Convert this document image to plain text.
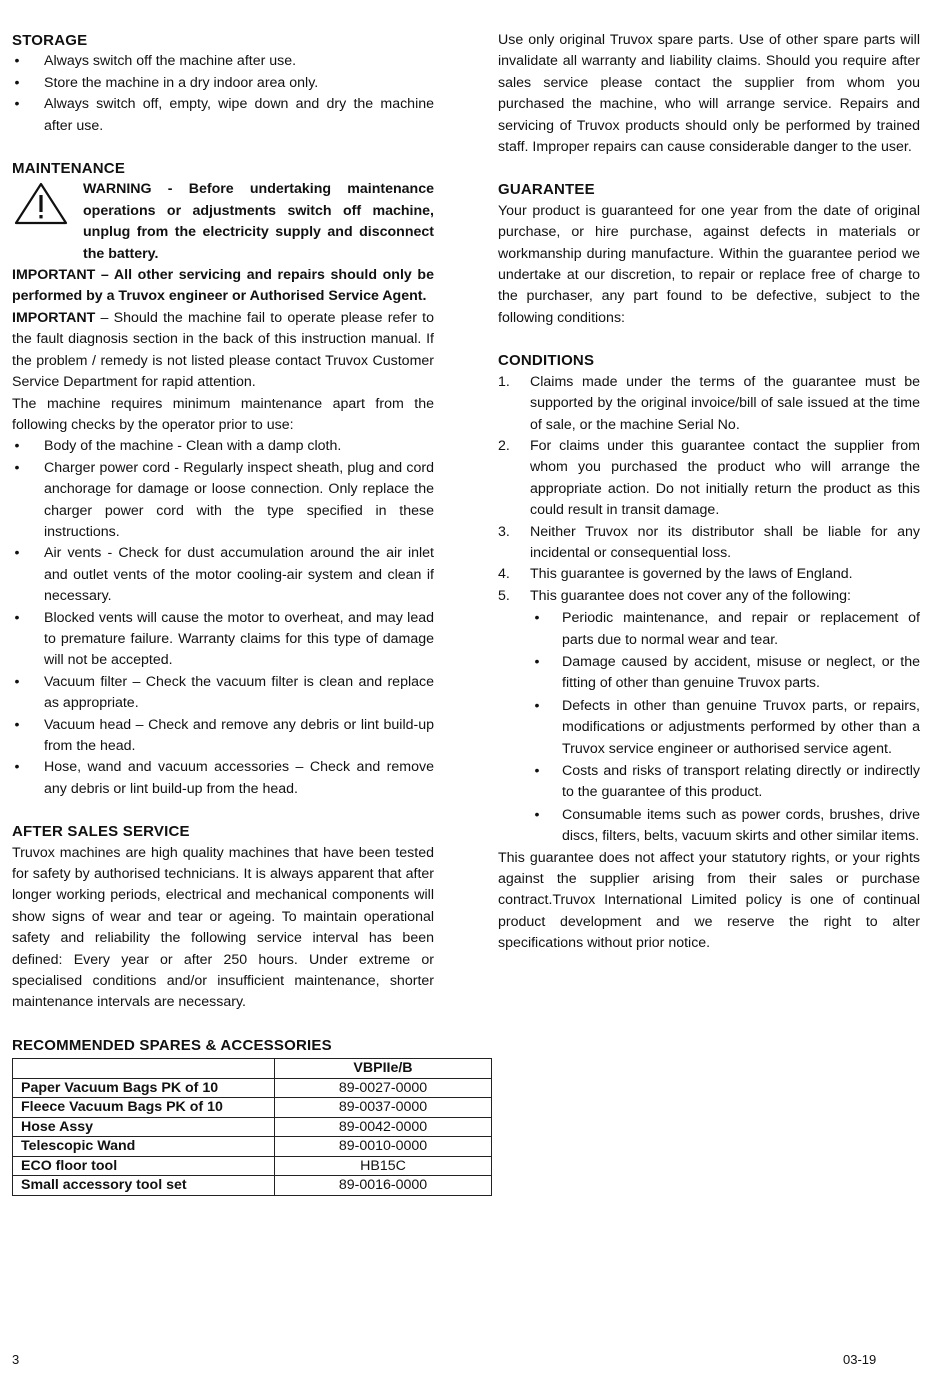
STORAGE
• Always switch off the machine after use.
• Store the machine in a dry indoor area only.
• Always switch off, empty, wipe down and dry the machine after use.
MAINTENANCE

WARNING - Before undertaking maintenance operations or adjustments switch off machine, unplug from the electricity supply and disconnect the battery.

IMPORTANT – All other servicing and repairs should only be performed by a Truvox engineer or Authorised Service Agent.

IMPORTANT – Should the machine fail to operate please refer to the fault diagnosis section in the back of this instruction manual. If the problem / remedy is not listed please contact Truvox Customer Service Department for rapid attention.

The machine requires minimum maintenance apart from the following checks by the operator prior to use:

• Body of the machine - Clean with a damp cloth.
• Charger power cord - Regularly inspect sheath, plug and cord anchorage for damage or loose connection. Only replace the charger power cord with the type specified in these instructions.
• Air vents - Check for dust accumulation around the air inlet and outlet vents of the motor cooling-air system and clean if necessary.
• Blocked vents will cause the motor to overheat, and may lead to premature failure. Warranty claims for this type of damage will not be accepted.
• Vacuum filter – Check the vacuum filter is clean and replace as appropriate.
• Vacuum head – Check and remove any debris or lint build-up from the head.
• Hose, wand and vacuum accessories – Check and remove any debris or lint build-up from the head.
AFTER SALES SERVICE

Truvox machines are high quality machines that have been tested for safety by authorised technicians. It is always apparent that after longer working periods, electrical and mechanical components will show signs of wear and tear or ageing. To maintain operational safety and reliability the following service interval has been defined: Every year or after 250 hours. Under extreme or specialised conditions and/or insufficient maintenance, shorter maintenance intervals are necessary.

RECOMMENDED SPARES & ACCESSORIES
	VBPIIe/B
Paper Vacuum Bags PK of 10	89-0027-0000
Fleece Vacuum Bags PK of 10	89-0037-0000
Hose Assy	89-0042-0000
Telescopic Wand	89-0010-0000
ECO floor tool	HB15C
Small accessory tool set	89-0016-0000

Use only original Truvox spare parts. Use of other spare parts will invalidate all warranty and liability claims. Should you require after sales service please contact the supplier from whom you purchased the machine, who will arrange service. Repairs and servicing of Truvox products should only be performed by trained staff. Improper repairs can cause considerable danger to the user.

GUARANTEE

Your product is guaranteed for one year from the date of original purchase, or hire purchase, against defects in materials or workmanship during manufacture. Within the guarantee period we undertake at our discretion, to repair or replace free of charge to the purchaser, any part found to be defective, subject to the following conditions:

CONDITIONS
1. Claims made under the terms of the guarantee must be supported by the original invoice/bill of sale issued at the time of sale, or the machine Serial No.
2. For claims under this guarantee contact the supplier from whom you purchased the product who will arrange the appropriate action. Do not initially return the product as this could result in transit damage.
3. Neither Truvox nor its distributor shall be liable for any incidental or consequential loss.
4. This guarantee is governed by the laws of England.
5. This guarantee does not cover any of the following:
• Periodic maintenance, and repair or replacement of parts due to normal wear and tear.
• Damage caused by accident, misuse or neglect, or the fitting of other than genuine Truvox parts.
• Defects in other than genuine Truvox parts, or repairs, modifications or adjustments performed by other than a Truvox service engineer or authorised service agent.
• Costs and risks of transport relating directly or indirectly to the guarantee of this product.
• Consumable items such as power cords, brushes, drive discs, filters, belts, vacuum skirts and other similar items.

This guarantee does not affect your statutory rights, or your rights against the supplier arising from their sales or purchase contract.Truvox International Limited policy is one of continual product development and we reserve the right to alter specifications without prior notice.

3	03-19
